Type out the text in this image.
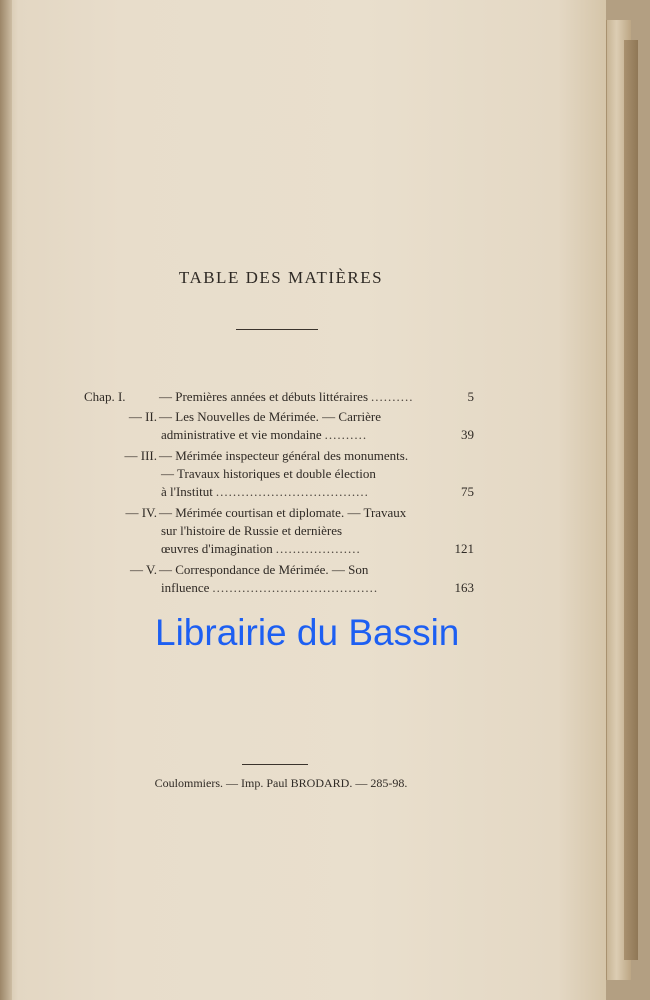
TABLE DES MATIÈRES
Chap. I.	— Premières années et débuts littéraires ..........	5
— II. — Les Nouvelles de Mérimée. — Carrière
administrative et vie mondaine ..........	39
— III. — Mérimée inspecteur général des monuments.
— Travaux historiques et double élection
à l'Institut ....................................	75
— IV. — Mérimée courtisan et diplomate. — Travaux
sur l'histoire de Russie et dernières
œuvres d'imagination ....................	121
— V. — Correspondance de Mérimée. — Son
influence .......................................	163
Librairie du Bassin
Coulommiers. — Imp. Paul BRODARD. — 285-98.
